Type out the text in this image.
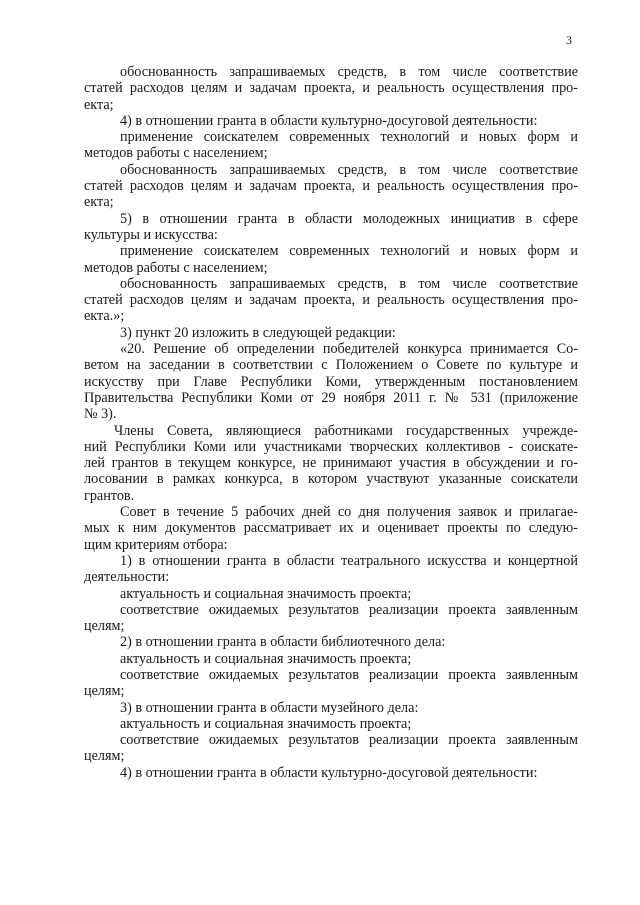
3
обоснованность запрашиваемых средств, в том числе соответствие
статей расходов целям и задачам проекта, и реальность осуществления про-
екта;
4) в отношении гранта в области культурно-досуговой деятельности:
применение соискателем современных технологий и новых форм и
методов работы с населением;
обоснованность запрашиваемых средств, в том числе соответствие
статей расходов целям и задачам проекта, и реальность осуществления про-
екта;
5) в отношении гранта в области молодежных инициатив в сфере
культуры и искусства:
применение соискателем современных технологий и новых форм и
методов работы с населением;
обоснованность запрашиваемых средств, в том числе соответствие
статей расходов целям и задачам проекта, и реальность осуществления про-
екта.»;
3) пункт 20 изложить в следующей редакции:
«20. Решение об определении победителей конкурса принимается Со-
ветом на заседании в соответствии с Положением о Совете по культуре и
искусству при Главе Республики Коми, утвержденным постановлением
Правительства Республики Коми от 29 ноября 2011 г. № 531 (приложение
№ 3).
Члены Совета, являющиеся работниками государственных учрежде-
ний Республики Коми или участниками творческих коллективов - соискате-
лей грантов в текущем конкурсе, не принимают участия в обсуждении и го-
лосовании в рамках конкурса, в котором участвуют указанные соискатели
грантов.
Совет в течение 5 рабочих дней со дня получения заявок и прилагае-
мых к ним документов рассматривает их и оценивает проекты по следую-
щим критериям отбора:
1) в отношении гранта в области театрального искусства и концертной
деятельности:
актуальность и социальная значимость проекта;
соответствие ожидаемых результатов реализации проекта заявленным
целям;
2) в отношении гранта в области библиотечного дела:
актуальность и социальная значимость проекта;
соответствие ожидаемых результатов реализации проекта заявленным
целям;
3) в отношении гранта в области музейного дела:
актуальность и социальная значимость проекта;
соответствие ожидаемых результатов реализации проекта заявленным
целям;
4) в отношении гранта в области культурно-досуговой деятельности:
